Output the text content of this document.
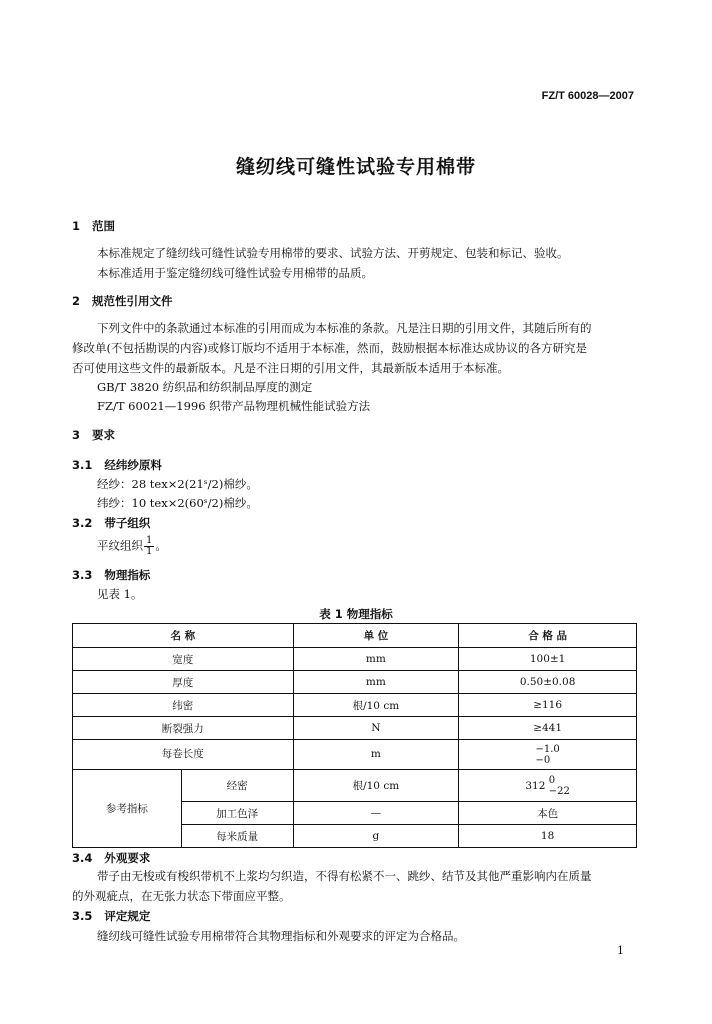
FZ/T 60028—2007
缝纫线可缝性试验专用棉带
1 范围
本标准规定了缝纫线可缝性试验专用棉带的要求、试验方法、开剪规定、包装和标记、验收。
本标准适用于鉴定缝纫线可缝性试验专用棉带的品质。
2 规范性引用文件
下列文件中的条款通过本标准的引用而成为本标准的条款。凡是注日期的引用文件，其随后所有的
修改单(不包括勘误的内容)或修订版均不适用于本标准，然而，鼓励根据本标准达成协议的各方研究是
否可使用这些文件的最新版本。凡是不注日期的引用文件，其最新版本适用于本标准。
GB/T 3820 纺织品和纺织制品厚度的测定
FZ/T 60021—1996 织带产品物理机械性能试验方法
3 要求
3.1 经纬纱原料
经纱：28 tex×2(21ˢ/2)棉纱。
纬纱：10 tex×2(60ˢ/2)棉纱。
3.2 带子组织
平纹组织 $\frac{1}{1}$ 。
3.3 物理指标
见表 1。
表 1 物理指标
名 称		单 位	合 格 品
宽度		mm	100±1
厚度		mm	0.50±0.08
纬密		根/10 cm	≥116
断裂强力		N	≥441
每卷长度		m	−1.0
−0
参考指标	经密	根/10 cm	312 0
−22
	加工色泽	—	本色
	每米质量	g	18
3.4 外观要求
带子由无梭或有梭织带机不上浆均匀织造，不得有松紧不一、跳纱、结节及其他严重影响内在质量
的外观疵点，在无张力状态下带面应平整。
3.5 评定规定
缝纫线可缝性试验专用棉带符合其物理指标和外观要求的评定为合格品。
1
